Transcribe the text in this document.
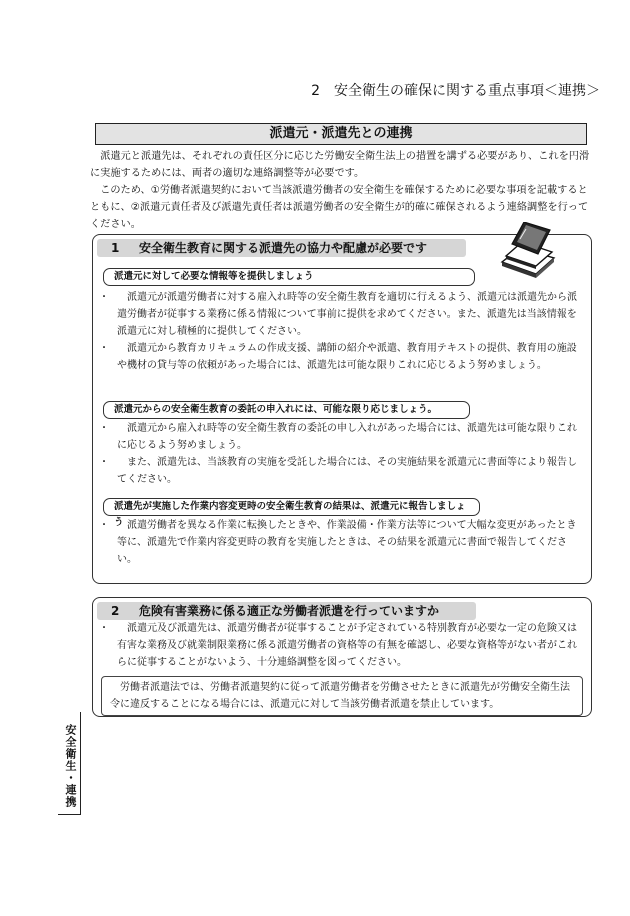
2　安全衛生の確保に関する重点事項＜連携＞
派遣元・派遣先との連携

派遣元と派遣先は、それぞれの責任区分に応じた労働安全衛生法上の措置を講ずる必要があり、これを円滑に実施するためには、両者の適切な連絡調整等が必要です。

このため、①労働者派遣契約において当該派遣労働者の安全衛生を確保するために必要な事項を記載するとともに、②派遣元責任者及び派遣先責任者は派遣労働者の安全衛生が的確に確保されるよう連絡調整を行ってください。

1 安全衛生教育に関する派遣先の協力や配慮が必要です
派遣元に対して必要な情報等を提供しましょう
・ 派遣元が派遣労働者に対する雇入れ時等の安全衛生教育を適切に行えるよう、派遣元は派遣先から派遣労働者が従事する業務に係る情報について事前に提供を求めてください。また、派遣先は当該情報を派遣元に対し積極的に提供してください。
・ 派遣元から教育カリキュラムの作成支援、講師の紹介や派遣、教育用テキストの提供、教育用の施設や機材の貸与等の依頼があった場合には、派遣先は可能な限りこれに応じるよう努めましょう。
派遣元からの安全衛生教育の委託の申入れには、可能な限り応じましょう。
・ 派遣元から雇入れ時等の安全衛生教育の委託の申し入れがあった場合には、派遣先は可能な限りこれに応じるよう努めましょう。
・ また、派遣先は、当該教育の実施を受託した場合には、その実施結果を派遣元に書面等により報告してください。
派遣先が実施した作業内容変更時の安全衛生教育の結果は、派遣元に報告しましょう
・ 派遣労働者を異なる作業に転換したときや、作業設備・作業方法等について大幅な変更があったとき等に、派遣先で作業内容変更時の教育を実施したときは、その結果を派遣元に書面で報告してください。
2 危険有害業務に係る適正な労働者派遣を行っていますか
・ 派遣元及び派遣先は、派遣労働者が従事することが予定されている特別教育が必要な一定の危険又は有害な業務及び就業制限業務に係る派遣労働者の資格等の有無を確認し、必要な資格等がない者がこれらに従事することがないよう、十分連絡調整を図ってください。
労働者派遣法では、労働者派遣契約に従って派遣労働者を労働させたときに派遣先が労働安全衛生法令に違反することになる場合には、派遣元に対して当該労働者派遣を禁止しています。
安全衛生・連携
